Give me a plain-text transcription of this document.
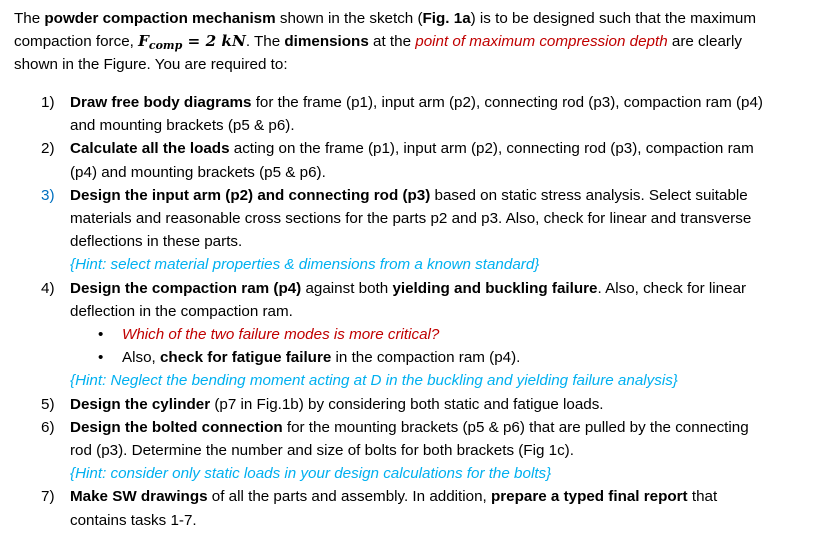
The powder compaction mechanism shown in the sketch (Fig. 1a) is to be designed such that the maximum
compaction force, $F_{comp} = 2$ kN. The dimensions at the point of maximum compression depth are clearly
shown in the Figure. You are required to:
1) Draw free body diagrams for the frame (p1), input arm (p2), connecting rod (p3), compaction ram (p4)
and mounting brackets (p5 & p6).
2) Calculate all the loads acting on the frame (p1), input arm (p2), connecting rod (p3), compaction ram
(p4) and mounting brackets (p5 & p6).
3) Design the input arm (p2) and connecting rod (p3) based on static stress analysis. Select suitable
materials and reasonable cross sections for the parts p2 and p3. Also, check for linear and transverse
deflections in these parts.
{Hint: select material properties & dimensions from a known standard}
4) Design the compaction ram (p4) against both yielding and buckling failure. Also, check for linear
deflection in the compaction ram.
• Which of the two failure modes is more critical?
• Also, check for fatigue failure in the compaction ram (p4).
{Hint: Neglect the bending moment acting at D in the buckling and yielding failure analysis}
5) Design the cylinder (p7 in Fig.1b) by considering both static and fatigue loads.
6) Design the bolted connection for the mounting brackets (p5 & p6) that are pulled by the connecting
rod (p3). Determine the number and size of bolts for both brackets (Fig 1c).
{Hint: consider only static loads in your design calculations for the bolts}
7) Make SW drawings of all the parts and assembly. In addition, prepare a typed final report that
contains tasks 1-7.
